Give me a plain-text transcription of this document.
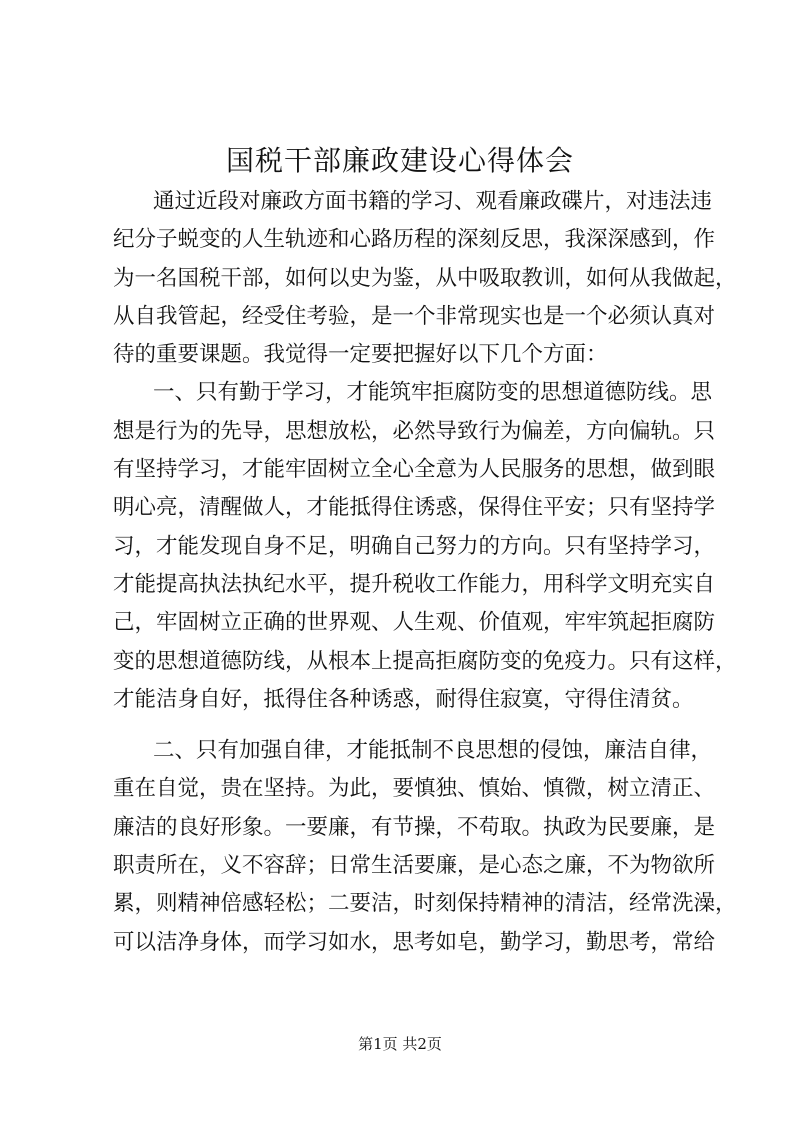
国税干部廉政建设心得体会
通过近段对廉政方面书籍的学习、观看廉政碟片，对违法违
纪分子蜕变的人生轨迹和心路历程的深刻反思，我深深感到，作
为一名国税干部，如何以史为鉴，从中吸取教训，如何从我做起，
从自我管起，经受住考验，是一个非常现实也是一个必须认真对
待的重要课题。我觉得一定要把握好以下几个方面：
一、只有勤于学习，才能筑牢拒腐防变的思想道德防线。思
想是行为的先导，思想放松，必然导致行为偏差，方向偏轨。只
有坚持学习，才能牢固树立全心全意为人民服务的思想，做到眼
明心亮，清醒做人，才能抵得住诱惑，保得住平安；只有坚持学
习，才能发现自身不足，明确自己努力的方向。只有坚持学习，
才能提高执法执纪水平，提升税收工作能力，用科学文明充实自
己，牢固树立正确的世界观、人生观、价值观，牢牢筑起拒腐防
变的思想道德防线，从根本上提高拒腐防变的免疫力。只有这样，
才能洁身自好，抵得住各种诱惑，耐得住寂寞，守得住清贫。
二、只有加强自律，才能抵制不良思想的侵蚀，廉洁自律，
重在自觉，贵在坚持。为此，要慎独、慎始、慎微，树立清正、
廉洁的良好形象。一要廉，有节操，不苟取。执政为民要廉，是
职责所在，义不容辞；日常生活要廉，是心态之廉，不为物欲所
累，则精神倍感轻松；二要洁，时刻保持精神的清洁，经常洗澡，
可以洁净身体，而学习如水，思考如皂，勤学习，勤思考，常给
第1页 共2页
